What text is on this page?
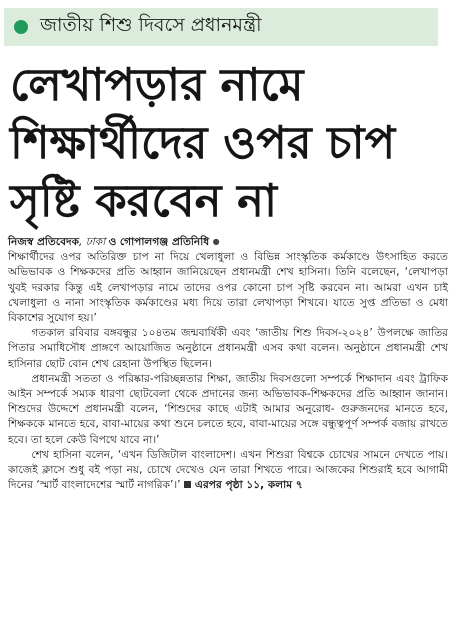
জাতীয় শিশু দিবসে প্রধানমন্ত্রী
লেখাপড়ার নামে
শিক্ষার্থীদের ওপর চাপ
সৃষ্টি করবেন না

নিজস্ব প্রতিবেদক, ঢাকা ও গোপালগঞ্জ প্রতিনিধি ●

শিক্ষার্থীদের ওপর অতিরিক্ত চাপ না দিয়ে খেলাধুলা ও বিভিন্ন সাংস্কৃতিক কর্মকাণ্ডে উৎসাহিত করতে অভিভাবক ও শিক্ষকদের প্রতি আহ্বান জানিয়েছেন প্রধানমন্ত্রী শেখ হাসিনা। তিনি বলেছেন, ‘লেখাপড়া খুবই দরকার কিন্তু এই লেখাপড়ার নামে তাদের ওপর কোনো চাপ সৃষ্টি করবেন না। আমরা এখন চাই খেলাধুলা ও নানা সাংস্কৃতিক কর্মকাণ্ডের মধ্য দিয়ে তারা লেখাপড়া শিখবে। যাতে সুপ্ত প্রতিভা ও মেধা বিকাশের সুযোগ হয়।’

গতকাল রবিবার বঙ্গবন্ধুর ১০৪তম জন্মবার্ষিকী এবং ‘জাতীয় শিশু দিবস-২০২৪’ উপলক্ষে জাতির পিতার সমাধিসৌধ প্রাঙ্গণে আয়োজিত অনুষ্ঠানে প্রধানমন্ত্রী এসব কথা বলেন। অনুষ্ঠানে প্রধানমন্ত্রী শেখ হাসিনার ছোট বোন শেখ রেহানা উপস্থিত ছিলেন।

প্রধানমন্ত্রী সততা ও পরিষ্কার-পরিচ্ছন্নতার শিক্ষা, জাতীয় দিবসগুলো সম্পর্কে শিক্ষাদান এবং ট্রাফিক আইন সম্পর্কে সম্যক ধারণা ছোটবেলা থেকে প্রদানের জন্য অভিভাবক-শিক্ষকদের প্রতি আহ্বান জানান। শিশুদের উদ্দেশে প্রধানমন্ত্রী বলেন, ‘শিশুদের কাছে এটাই আমার অনুরোধ- গুরুজনদের মানতে হবে, শিক্ষককে মানতে হবে, বাবা-মায়ের কথা শুনে চলতে হবে, বাবা-মায়ের সঙ্গে বন্ধুত্বপূর্ণ সম্পর্ক বজায় রাখতে হবে। তা হলে কেউ বিপথে যাবে না।’

শেখ হাসিনা বলেন, ‘এখন ডিজিটাল বাংলাদেশ। এখন শিশুরা বিশ্বকে চোখের সামনে দেখতে পায়। কাজেই ক্লাসে শুধু বই পড়া নয়, চোখে দেখেও যেন তারা শিখতে পারে। আজকের শিশুরাই হবে আগামী দিনের ‘স্মার্ট বাংলাদেশের স্মার্ট নাগরিক’।’ এরপর পৃষ্ঠা ১১, কলাম ৭
